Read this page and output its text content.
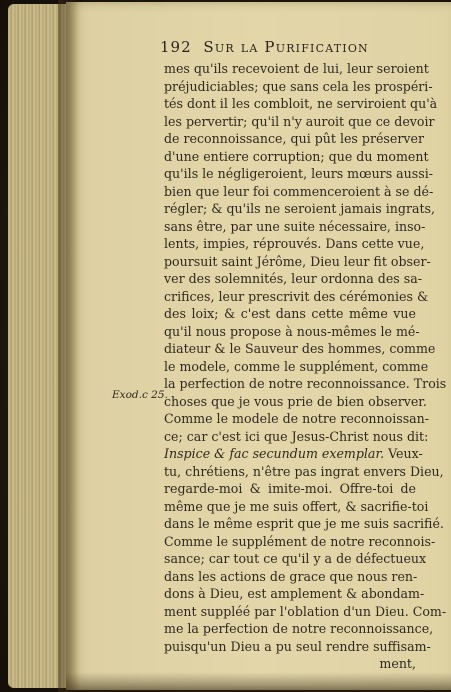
192 Sur la Purification
Exod.c 25.
mes qu'ils recevoient de lui, leur seroient
préjudiciables; que sans cela les prospéri-
tés dont il les combloit, ne serviroient qu'à
les pervertir; qu'il n'y auroit que ce devoir
de reconnoissance, qui pût les préserver
d'une entiere corruption; que du moment
qu'ils le négligeroient, leurs mœurs aussi-
bien que leur foi commenceroient à se dé-
régler; & qu'ils ne seroient jamais ingrats,
sans être, par une suite nécessaire, inso-
lents, impies, réprouvés. Dans cette vue,
poursuit saint Jérôme, Dieu leur fit obser-
ver des solemnités, leur ordonna des sa-
crifices, leur prescrivit des cérémonies &
des loix; & c'est dans cette même vue
qu'il nous propose à nous-mêmes le mé-
diateur & le Sauveur des hommes, comme
le modele, comme le supplément, comme
la perfection de notre reconnoissance. Trois
choses que je vous prie de bien observer.
Comme le modele de notre reconnoissan-
ce; car c'est ici que Jesus-Christ nous dit:
Inspice & fac secundum exemplar. Veux-
tu, chrétiens, n'être pas ingrat envers Dieu,
regarde-moi & imite-moi. Offre-toi de
même que je me suis offert, & sacrifie-toi
dans le même esprit que je me suis sacrifié.
Comme le supplément de notre reconnois-
sance; car tout ce qu'il y a de défectueux
dans les actions de grace que nous ren-
dons à Dieu, est amplement & abondam-
ment suppléé par l'oblation d'un Dieu. Com-
me la perfection de notre reconnoissance,
puisqu'un Dieu a pu seul rendre suffisam-
ment,
